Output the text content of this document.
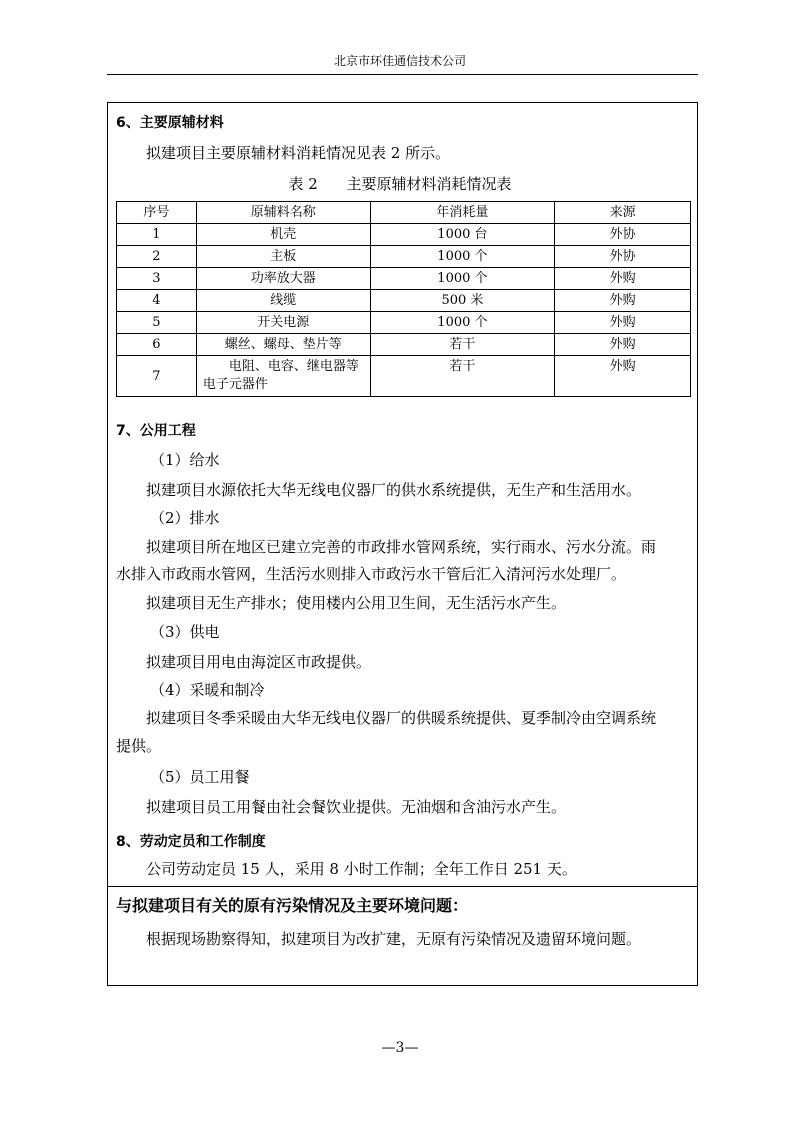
北京市环佳通信技术公司
6、主要原辅材料
拟建项目主要原辅材料消耗情况见表 2 所示。
表 2      主要原辅材料消耗情况表
序号	原辅料名称	年消耗量	来源
1	机壳	1000 台	外协
2	主板	1000 个	外协
3	功率放大器	1000 个	外购
4	线缆	500 米	外购
5	开关电源	1000 个	外购
6	螺丝、螺母、垫片等	若干	外购
7	电阻、电容、继电器等电子元器件	若干	外购
7、公用工程
（1）给水
拟建项目水源依托大华无线电仪器厂的供水系统提供，无生产和生活用水。
（2）排水
拟建项目所在地区已建立完善的市政排水管网系统，实行雨水、污水分流。雨
水排入市政雨水管网，生活污水则排入市政污水干管后汇入清河污水处理厂。
拟建项目无生产排水；使用楼内公用卫生间，无生活污水产生。
（3）供电
拟建项目用电由海淀区市政提供。
（4）采暖和制冷
拟建项目冬季采暖由大华无线电仪器厂的供暖系统提供、夏季制冷由空调系统
提供。
（5）员工用餐
拟建项目员工用餐由社会餐饮业提供。无油烟和含油污水产生。
8、劳动定员和工作制度
公司劳动定员 15 人，采用 8 小时工作制；全年工作日 251 天。
与拟建项目有关的原有污染情况及主要环境问题：
根据现场勘察得知，拟建项目为改扩建，无原有污染情况及遗留环境问题。
—3—
